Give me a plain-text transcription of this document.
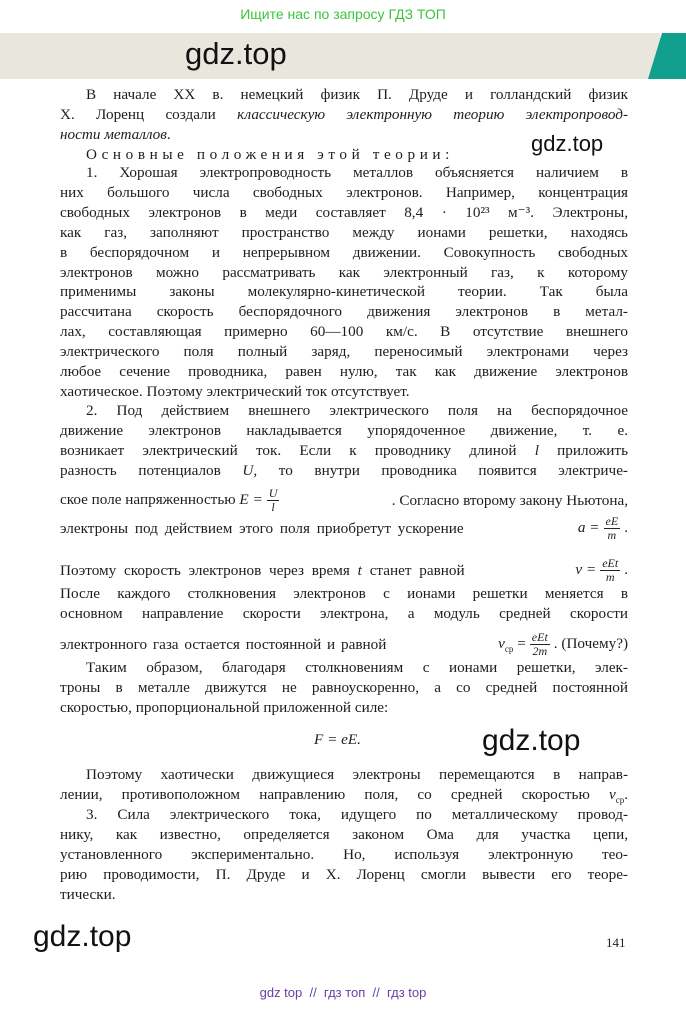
Ищите нас по запросу ГДЗ ТОП
gdz.top
gdz.top
gdz.top
gdz.top
В начале XX в. немецкий физик П. Друде и голландский физик
Х. Лоренц создали классическую электронную теорию электропровод-
ности металлов.
Основные положения этой теории:
1. Хорошая электропроводность металлов объясняется наличием в
них большого числа свободных электронов. Например, концентрация
свободных электронов в меди составляет 8,4 · 10²³ м⁻³. Электроны,
как газ, заполняют пространство между ионами решетки, находясь
в беспорядочном и непрерывном движении. Совокупность свободных
электронов можно рассматривать как электронный газ, к которому
применимы законы молекулярно-кинетической теории. Так была
рассчитана скорость беспорядочного движения электронов в метал-
лах, составляющая примерно 60—100 км/с. В отсутствие внешнего
электрического поля полный заряд, переносимый электронами через
любое сечение проводника, равен нулю, так как движение электронов
хаотическое. Поэтому электрический ток отсутствует.
2. Под действием внешнего электрического поля на беспорядочное
движение электронов накладывается упорядоченное движение, т. е.
возникает электрический ток. Если к проводнику длиной l приложить
разность потенциалов U, то внутри проводника появится электриче-
ское поле напряженностью $E = \frac{U}{l}$	. Согласно второму закону Ньютона,
электроны под действием этого поля приобретут ускорение	$a = \frac{eE}{m}$ .
Поэтому скорость электронов через время t станет равной	$v = \frac{\text{eEt}}{m}$ .
После каждого столкновения электронов с ионами решетки меняется в
основном направление скорости электрона, а модуль средней скорости
электронного газа остается постоянной и равной	$v_{ср} = \frac{\text{eEt}}{2m}$ . (Почему?)
Таким образом, благодаря столкновениям с ионами решетки, элек-
троны в металле движутся не равноускоренно, а со средней постоянной
скоростью, пропорциональной приложенной силе:
F = eE.
Поэтому хаотически движущиеся электроны перемещаются в направ-
лении, противоположном направлению поля, со средней скоростью $v_{ср}$.
3. Сила электрического тока, идущего по металлическому провод-
нику, как известно, определяется законом Ома для участка цепи,
установленного экспериментально. Но, используя электронную тео-
рию проводимости, П. Друде и Х. Лоренц смогли вывести его теоре-
тически.
141
gdz top  //  гдз топ  //  гдз top
